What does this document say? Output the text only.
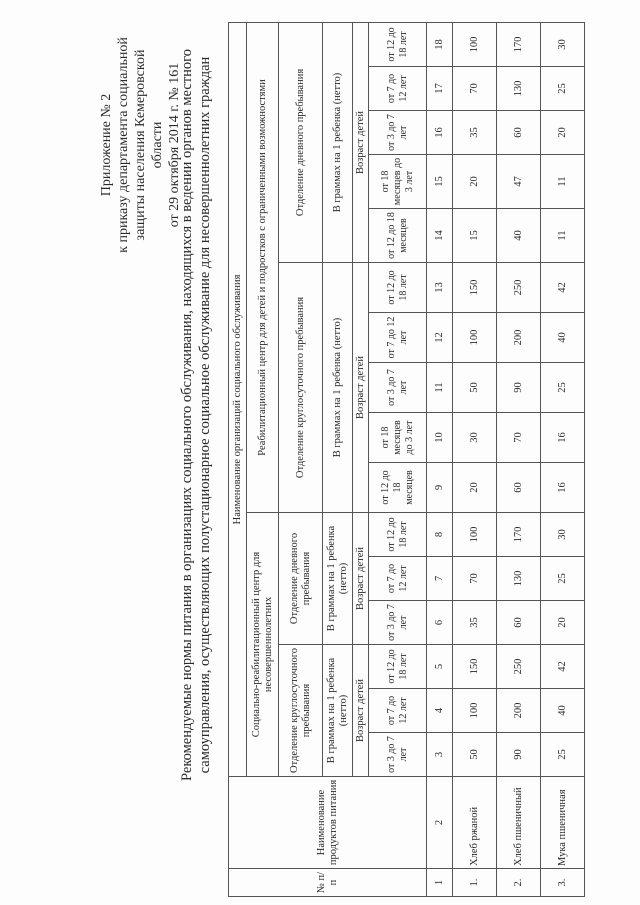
Приложение № 2 к приказу департамента социальной защиты населения Кемеровской области от 29 октября 2014 г. № 161
Рекомендуемые нормы питания в организациях социального обслуживания, находящихся в ведении органов местного самоуправления, осуществляющих полустационарное социальное обслуживание для несовершеннолетних граждан
№ п/п	Наименование продуктов питания	Наименование организаций социального обслуживания															
		Социально-реабилитационный центр для несовершеннолетних						Реабилитационный центр для детей и подростков с ограниченными возможностями									
		Отделение круглосуточного пребывания			Отделение дневного пребывания			Отделение круглосуточного пребывания					Отделение дневного пребывания				
		В граммах на 1 ребенка (нетто)			В граммах на 1 ребенка (нетто)			В граммах на 1 ребенка (нетто)					В граммах на 1 ребенка (нетто)				
		Возраст детей			Возраст детей			Возраст детей					Возраст детей				
		от 3 до 7 лет	от 7 до 12 лет	от 12 до 18 лет	от 3 до 7 лет	от 7 до 12 лет	от 12 до 18 лет	от 12 до 18 месяцев	от 18 месяцев до 3 лет	от 3 до 7 лет	от 7 до 12 лет	от 12 до 18 лет	от 12 до 18 месяцев	от 18 месяцев до 3 лет	от 3 до 7 лет	от 7 до 12 лет	от 12 до 18 лет
1	2	3	4	5	6	7	8	9	10	11	12	13	14	15	16	17	18
1.	Хлеб ржаной	50	100	150	35	70	100	20	30	50	100	150	15	20	35	70	100
2.	Хлеб пшеничный	90	200	250	60	130	170	60	70	90	200	250	40	47	60	130	170
3.	Мука пшеничная	25	40	42	20	25	30	16	16	25	40	42	11	11	20	25	30
